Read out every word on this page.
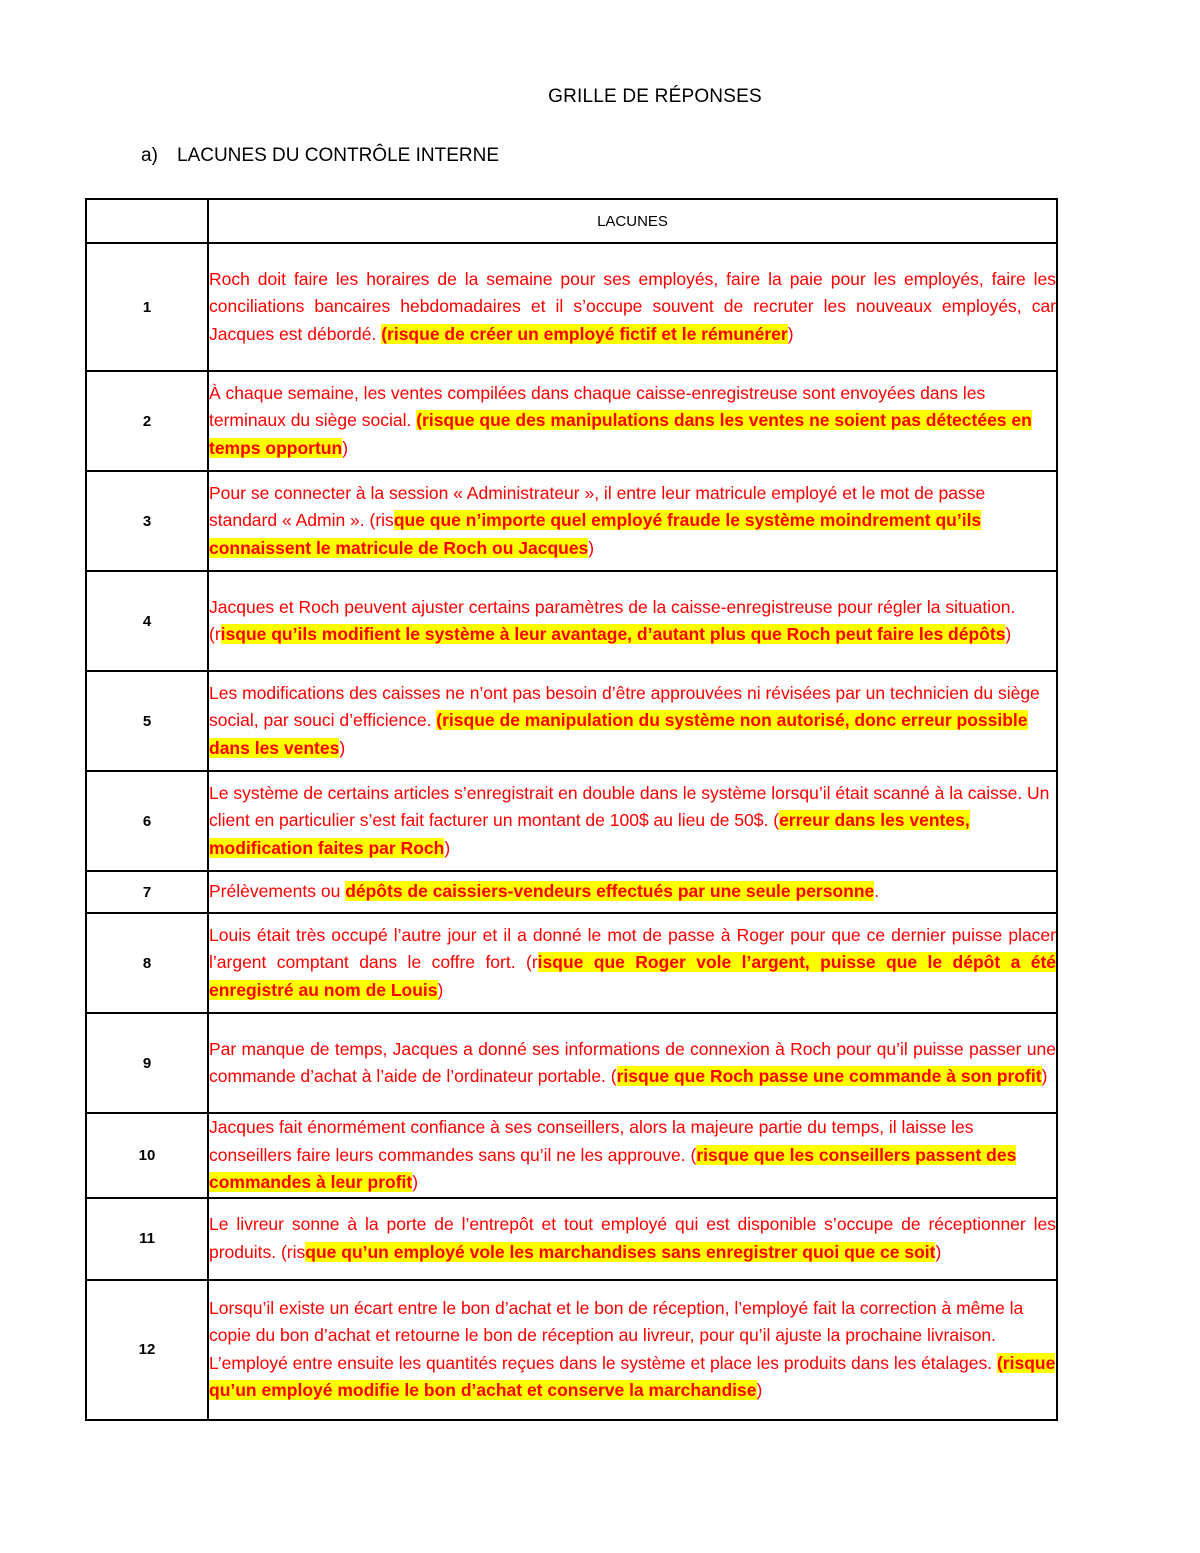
GRILLE DE RÉPONSES
a) LACUNES DU CONTRÔLE INTERNE
	LACUNES
1	Roch doit faire les horaires de la semaine pour ses employés, faire la paie pour les employés, faire les conciliations bancaires hebdomadaires et il s’occupe souvent de recruter les nouveaux employés, car Jacques est débordé. (risque de créer un employé fictif et le rémunérer)
2	À chaque semaine, les ventes compilées dans chaque caisse-enregistreuse sont envoyées dans les terminaux du siège social. (risque que des manipulations dans les ventes ne soient pas détectées en temps opportun)
3	Pour se connecter à la session « Administrateur », il entre leur matricule employé et le mot de passe standard « Admin ». (risque que n’importe quel employé fraude le système moindrement qu’ils connaissent le matricule de Roch ou Jacques)
4	Jacques et Roch peuvent ajuster certains paramètres de la caisse-enregistreuse pour régler la situation. (risque qu’ils modifient le système à leur avantage, d’autant plus que Roch peut faire les dépôts)
5	Les modifications des caisses ne n’ont pas besoin d’être approuvées ni révisées par un technicien du siège social, par souci d’efficience. (risque de manipulation du système non autorisé, donc erreur possible dans les ventes)
6	Le système de certains articles s’enregistrait en double dans le système lorsqu’il était scanné à la caisse. Un client en particulier s’est fait facturer un montant de 100$ au lieu de 50$. (erreur dans les ventes, modification faites par Roch)
7	Prélèvements ou dépôts de caissiers-vendeurs effectués par une seule personne.
8	Louis était très occupé l’autre jour et il a donné le mot de passe à Roger pour que ce dernier puisse placer l’argent comptant dans le coffre fort. (risque que Roger vole l’argent, puisse que le dépôt a été enregistré au nom de Louis)
9	Par manque de temps, Jacques a donné ses informations de connexion à Roch pour qu’il puisse passer une commande d’achat à l’aide de l’ordinateur portable. (risque que Roch passe une commande à son profit)
10	Jacques fait énormément confiance à ses conseillers, alors la majeure partie du temps, il laisse les conseillers faire leurs commandes sans qu’il ne les approuve. (risque que les conseillers passent des commandes à leur profit)
11	Le livreur sonne à la porte de l’entrepôt et tout employé qui est disponible s’occupe de réceptionner les produits. (risque qu’un employé vole les marchandises sans enregistrer quoi que ce soit)
12	Lorsqu’il existe un écart entre le bon d’achat et le bon de réception, l’employé fait la correction à même la copie du bon d’achat et retourne le bon de réception au livreur, pour qu’il ajuste la prochaine livraison. L’employé entre ensuite les quantités reçues dans le système et place les produits dans les étalages. (risque qu’un employé modifie le bon d’achat et conserve la marchandise)
